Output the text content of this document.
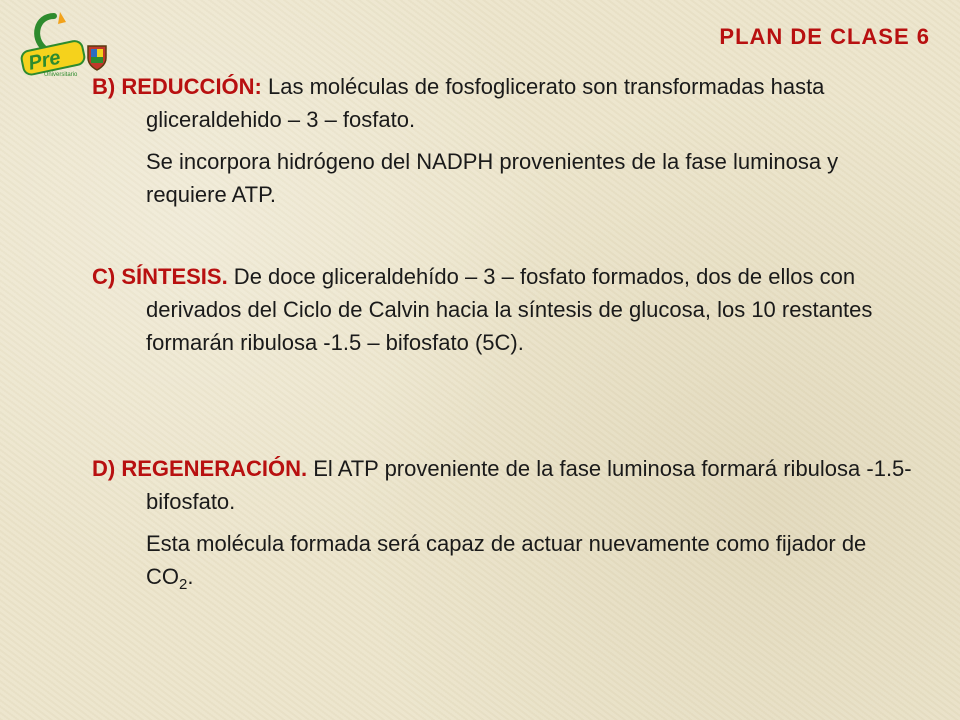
Pre
Universitario
PLAN DE CLASE 6

B) REDUCCIÓN: Las moléculas de fosfoglicerato son transformadas hasta gliceraldehido – 3 – fosfato.

Se incorpora hidrógeno del NADPH provenientes de la fase luminosa y requiere ATP.

C) SÍNTESIS. De doce gliceraldehído – 3 – fosfato formados, dos de ellos con derivados del Ciclo de Calvin hacia la síntesis de glucosa, los 10 restantes formarán ribulosa -1.5 – bifosfato (5C).

D) REGENERACIÓN. El ATP proveniente de la fase luminosa formará ribulosa -1.5-bifosfato.

Esta molécula formada será capaz de actuar nuevamente como fijador de $CO_2$.
